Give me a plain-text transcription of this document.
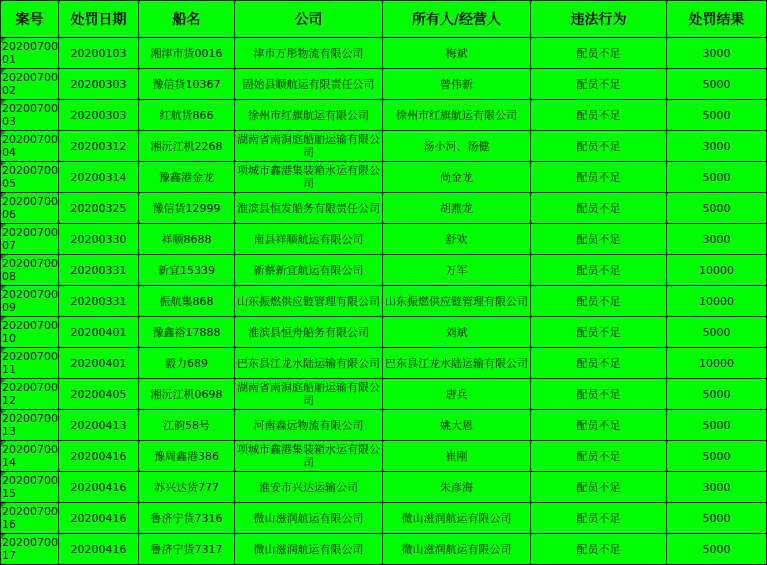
案号	处罚日期	船名	公司	所有人/经营人	违法行为	处罚结果

2020070001	20200103	湘津市货0016	津市万彤物流有限公司	梅斌	配员不足	3000

2020070002	20200303	豫信货10367	固始县顺航运有限责任公司	曾伟新	配员不足	5000

2020070003	20200303	红航货866	徐州市红旗航运有限公司	徐州市红旗航运有限公司	配员不足	5000

2020070004	20200312	湘沅江机2268	湖南省南洞庭船舶运输有限公司	汤小河、汤健	配员不足	3000

2020070005	20200314	豫鑫港金龙	项城市鑫港集装箱水运有限公司	尚金龙	配员不足	5000

2020070006	20200325	豫信货12999	淮滨县恒发船务有限责任公司	胡燕龙	配员不足	5000

2020070007	20200330	祥顺8688	南县祥顺航运有限公司	舒欢	配员不足	3000

2020070008	20200331	新宜15339	新蔡新宜航运有限公司	万军	配员不足	10000

2020070009	20200331	振航集868	山东振燃供应链管理有限公司	山东振燃供应链管理有限公司	配员不足	10000

2020070010	20200401	豫鑫裕17888	淮滨县恒舟船务有限公司	刘斌	配员不足	5000

2020070011	20200401	毅力689	巴东县江龙水陆运输有限公司	巴东县江龙水陆运输有限公司	配员不足	10000

2020070012	20200405	湘沅江机0698	湖南省南洞庭船舶运输有限公司	唐兵	配员不足	5000

2020070013	20200413	江韵58号	河南森远物流有限公司	姚大恩	配员不足	5000

2020070014	20200416	豫周鑫港386	项城市鑫港集装箱水运有限公司	崔刚	配员不足	5000

2020070015	20200416	苏兴达货777	淮安市兴达运输公司	朱彦海	配员不足	3000

2020070016	20200416	鲁济宁货7316	微山滋润航运有限公司	微山滋润航运有限公司	配员不足	5000

2020070017	20200416	鲁济宁货7317	微山滋润航运有限公司	微山滋润航运有限公司	配员不足	5000
